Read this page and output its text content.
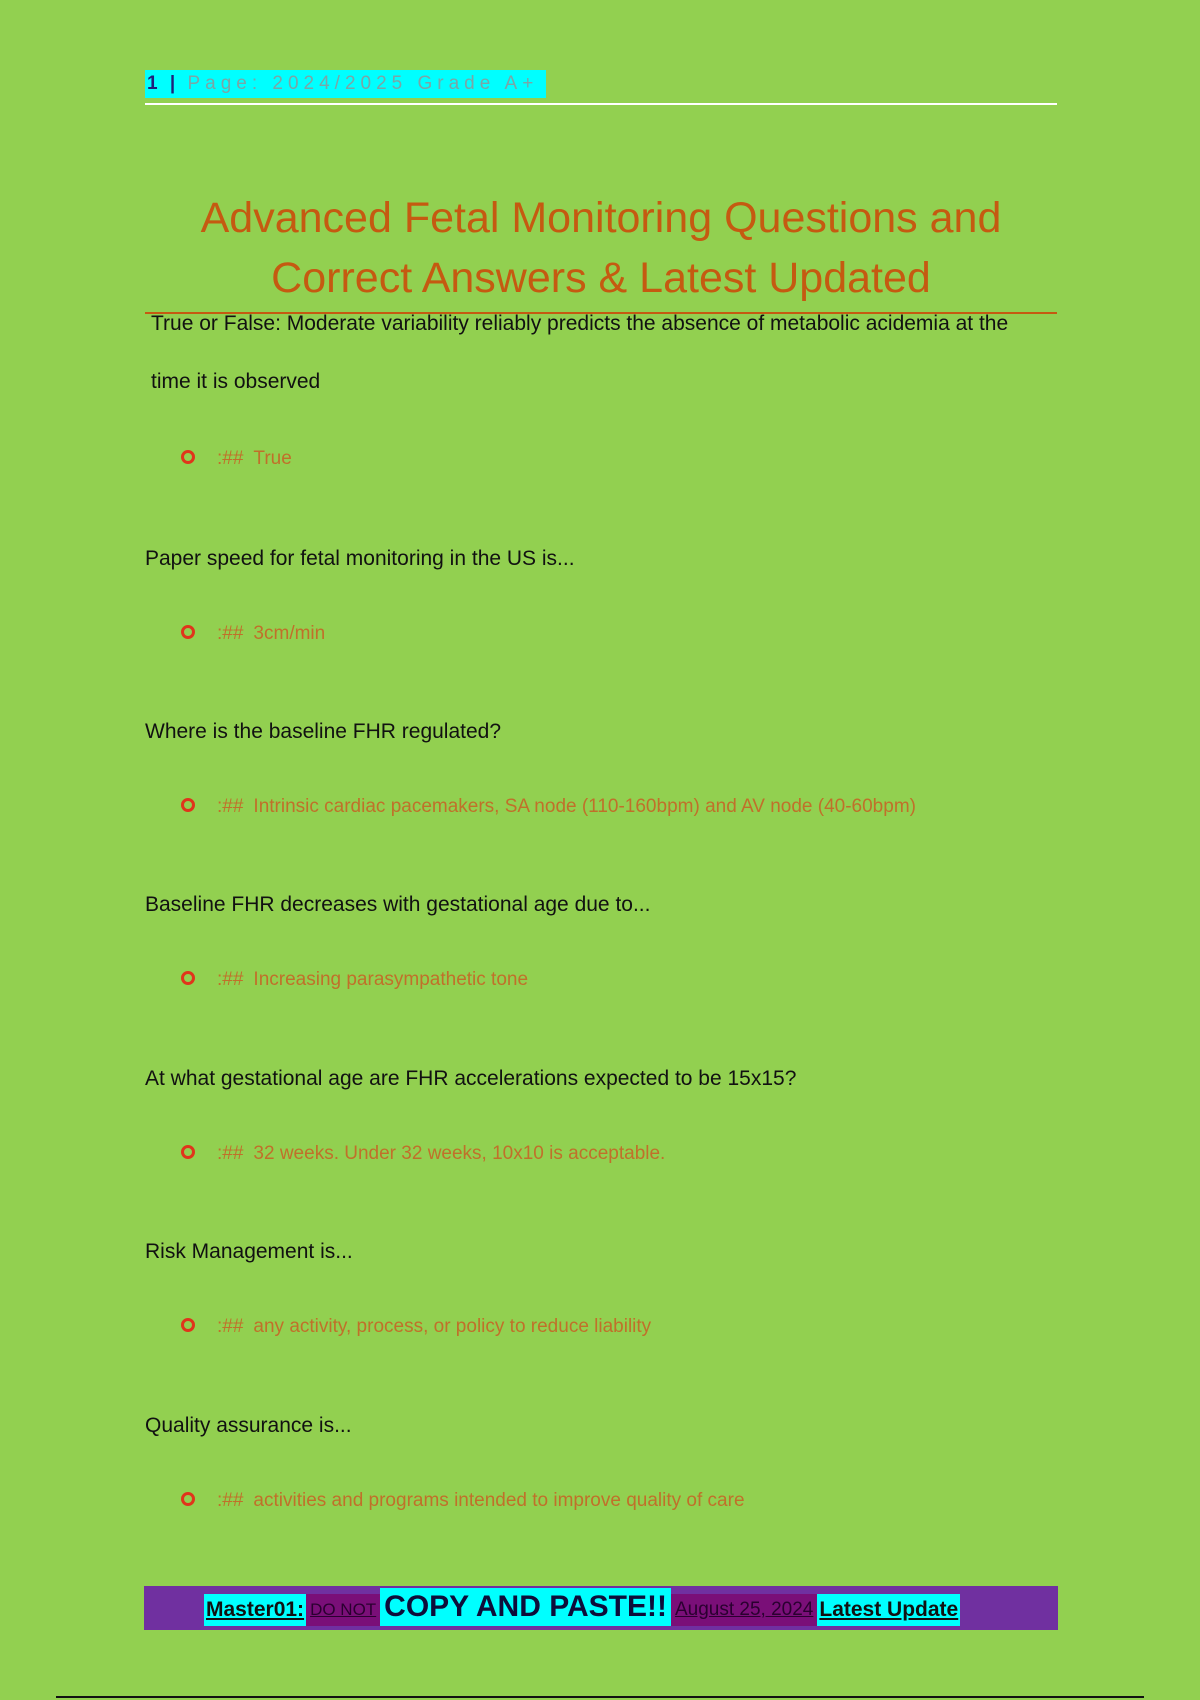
1 | Page: 2024/2025 Grade A+
Advanced Fetal Monitoring Questions and Correct Answers & Latest Updated
True or False: Moderate variability reliably predicts the absence of metabolic acidemia at the time it is observed
:## True
Paper speed for fetal monitoring in the US is...
:## 3cm/min
Where is the baseline FHR regulated?
:## Intrinsic cardiac pacemakers, SA node (110-160bpm) and AV node (40-60bpm)
Baseline FHR decreases with gestational age due to...
:## Increasing parasympathetic tone
At what gestational age are FHR accelerations expected to be 15x15?
:## 32 weeks. Under 32 weeks, 10x10 is acceptable.
Risk Management is...
:## any activity, process, or policy to reduce liability
Quality assurance is...
:## activities and programs intended to improve quality of care
Master01: DO NOT COPY AND PASTE!! August 25, 2024 Latest Update
